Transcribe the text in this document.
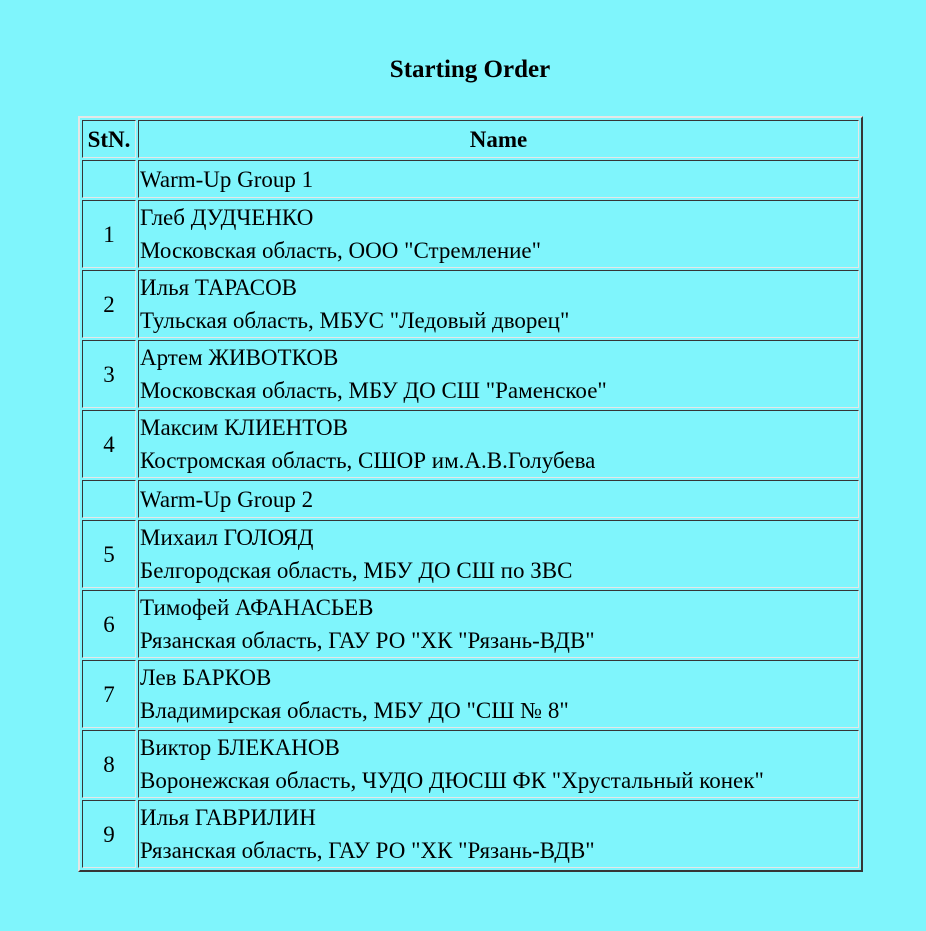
Starting Order
StN.	Name

	Warm-Up Group 1

1	Глеб ДУДЧЕНКО
Московская область, ООО "Стремление"

2	Илья ТАРАСОВ
Тульская область, МБУС "Ледовый дворец"

3	Артем ЖИВОТКОВ
Московская область, МБУ ДО СШ "Раменское"

4	Максим КЛИЕНТОВ
Костромская область, СШОР им.А.В.Голубева

	Warm-Up Group 2

5	Михаил ГОЛОЯД
Белгородская область, МБУ ДО СШ по ЗВС

6	Тимофей АФАНАСЬЕВ
Рязанская область, ГАУ РО "ХК "Рязань-ВДВ"

7	Лев БАРКОВ
Владимирская область, МБУ ДО "СШ № 8"

8	Виктор БЛЕКАНОВ
Воронежская область, ЧУДО ДЮСШ ФК "Хрустальный конек"

9	Илья ГАВРИЛИН
Рязанская область, ГАУ РО "ХК "Рязань-ВДВ"
